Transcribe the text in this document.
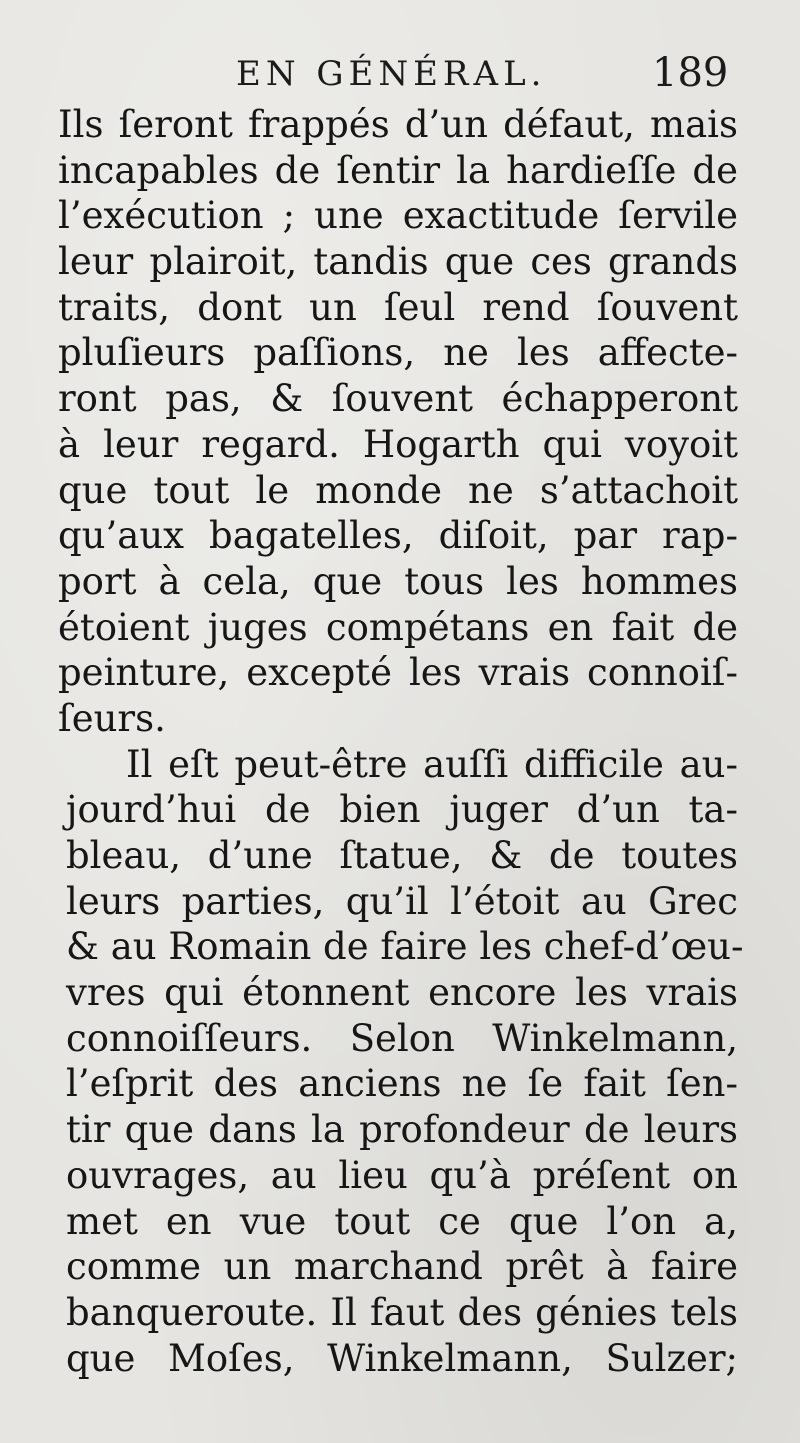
EN GÉNÉRAL.	189
Ils ſeront frappés d’un défaut, mais
incapables de ſentir la hardieſſe de
l’exécution ; une exactitude ſervile
leur plairoit, tandis que ces grands
traits, dont un ſeul rend ſouvent
pluſieurs paſſions, ne les affecte-
ront pas, & ſouvent échapperont
à leur regard. Hogarth qui voyoit
que tout le monde ne s’attachoit
qu’aux bagatelles, diſoit, par rap-
port à cela, que tous les hommes
étoient juges compétans en fait de
peinture, excepté les vrais connoiſ-
ſeurs.
Il eſt peut-être auſſi difficile au-
jourd’hui de bien juger d’un ta-
bleau, d’une ſtatue, & de toutes
leurs parties, qu’il l’étoit au Grec
& au Romain de faire les chef-d’œu-
vres qui étonnent encore les vrais
connoiſſeurs. Selon Winkelmann,
l’eſprit des anciens ne ſe fait ſen-
tir que dans la profondeur de leurs
ouvrages, au lieu qu’à préſent on
met en vue tout ce que l’on a,
comme un marchand prêt à faire
banqueroute. Il faut des génies tels
que Moſes, Winkelmann, Sulzer;
